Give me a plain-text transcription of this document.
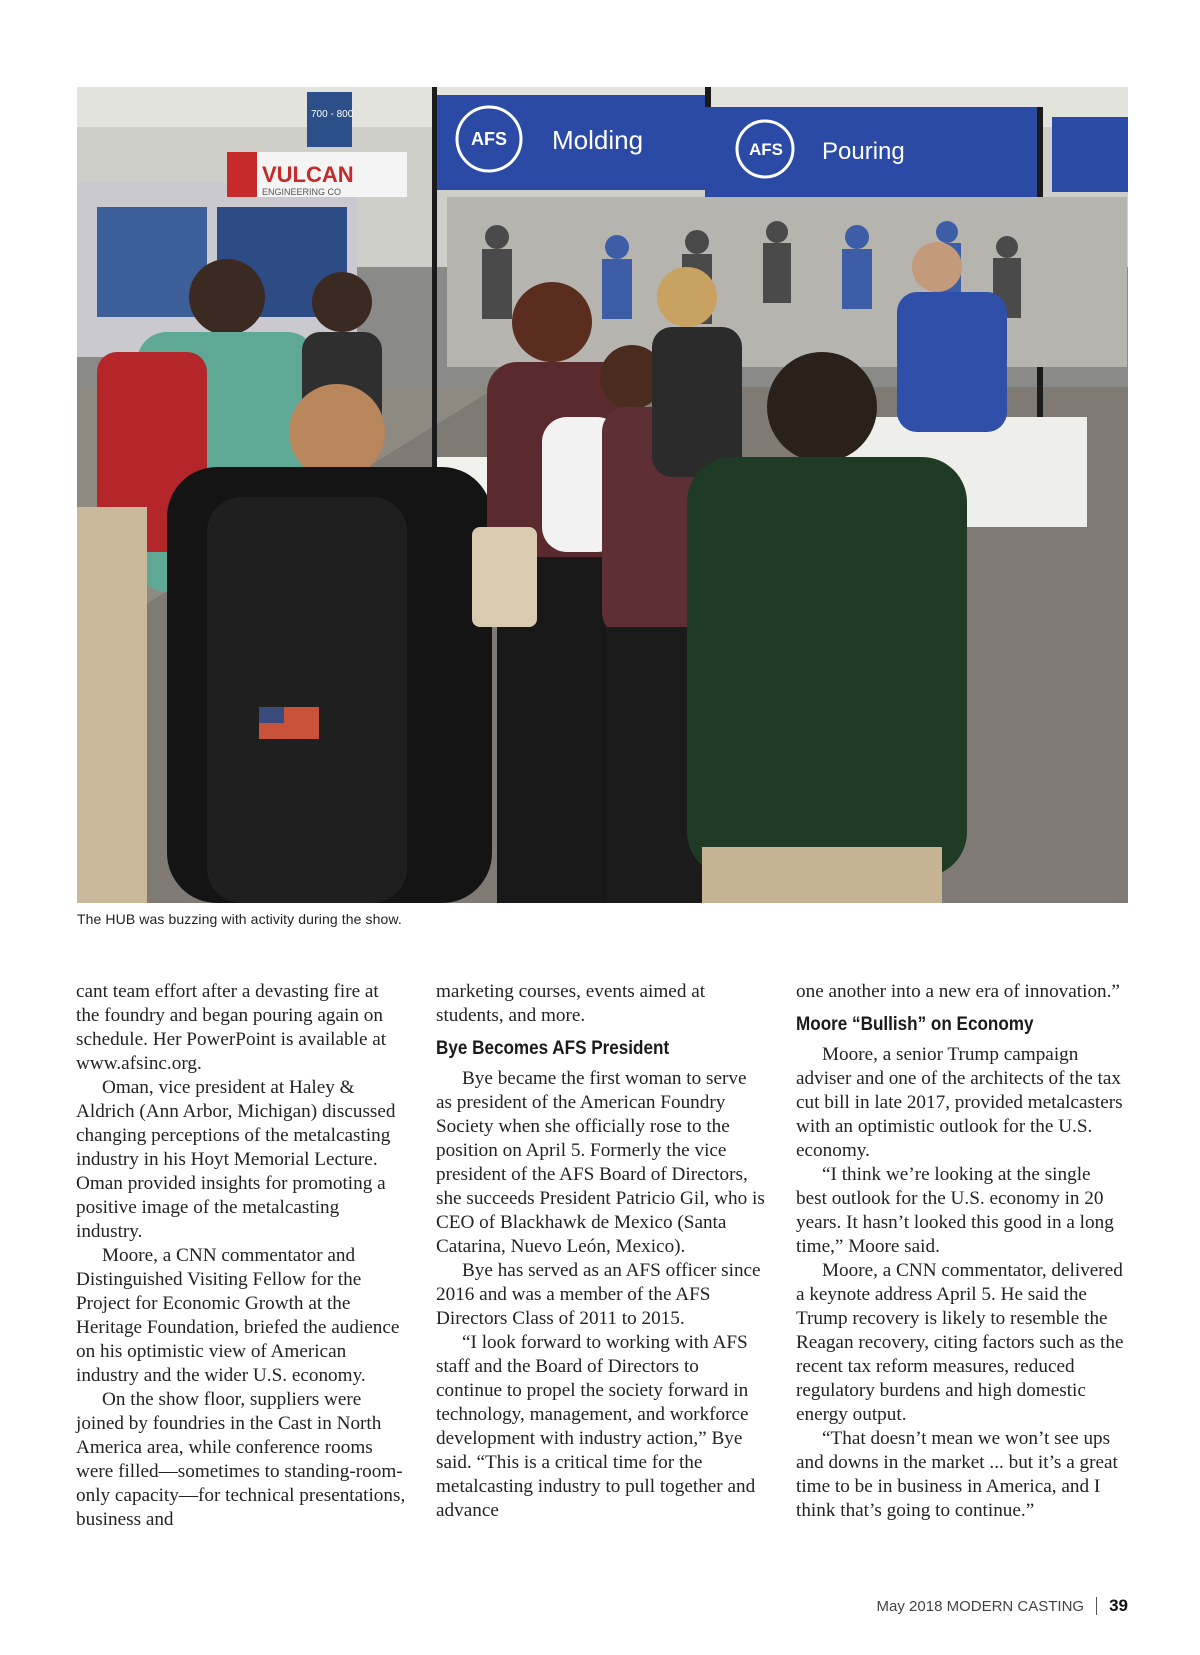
VULCAN
ENGINEERING CO
700 - 800
AFS Molding	AFS Pouring
The HUB was buzzing with activity during the show.

cant team effort after a devasting fire at the foundry and began pouring again on schedule. Her PowerPoint is available at www.afsinc.org.

Oman, vice president at Haley & Aldrich (Ann Arbor, Michigan) discussed changing perceptions of the metalcasting industry in his Hoyt Memorial Lecture. Oman provided insights for promoting a positive image of the metalcasting industry.

Moore, a CNN commentator and Distinguished Visiting Fellow for the Project for Economic Growth at the Heritage Foundation, briefed the audience on his optimistic view of American industry and the wider U.S. economy.

On the show floor, suppliers were joined by foundries in the Cast in North America area, while conference rooms were filled—sometimes to standing-room-only capacity—for technical presentations, business and

marketing courses, events aimed at students, and more.

Bye Becomes AFS President

Bye became the first woman to serve as president of the American Foundry Society when she officially rose to the position on April 5. Formerly the vice president of the AFS Board of Directors, she succeeds President Patricio Gil, who is CEO of Blackhawk de Mexico (Santa Catarina, Nuevo León, Mexico).

Bye has served as an AFS officer since 2016 and was a member of the AFS Directors Class of 2011 to 2015.

“I look forward to working with AFS staff and the Board of Directors to continue to propel the society forward in technology, management, and workforce development with industry action,” Bye said. “This is a critical time for the metalcasting industry to pull together and advance

one another into a new era of innovation.”

Moore “Bullish” on Economy

Moore, a senior Trump campaign adviser and one of the architects of the tax cut bill in late 2017, provided metalcasters with an optimistic outlook for the U.S. economy.

“I think we’re looking at the single best outlook for the U.S. economy in 20 years. It hasn’t looked this good in a long time,” Moore said.

Moore, a CNN commentator, delivered a keynote address April 5. He said the Trump recovery is likely to resemble the Reagan recovery, citing factors such as the recent tax reform measures, reduced regulatory burdens and high domestic energy output.

“That doesn’t mean we won’t see ups and downs in the market ... but it’s a great time to be in business in America, and I think that’s going to continue.”

May 2018 MODERN CASTING 39
